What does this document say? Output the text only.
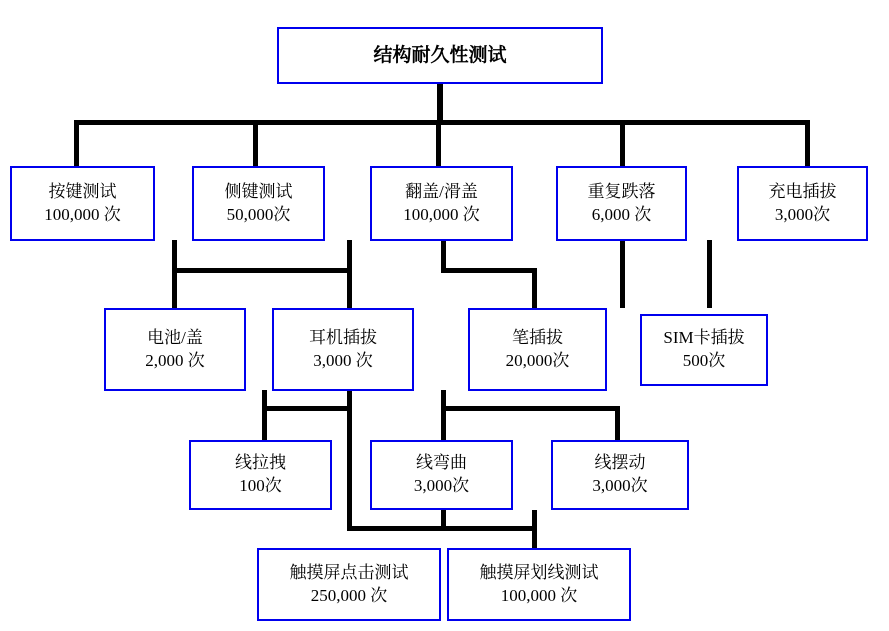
结构耐久性测试
按键测试
100,000 次
侧键测试
50,000次
翻盖/滑盖
100,000 次
重复跌落
6,000 次
充电插拔
3,000次
电池/盖
2,000 次
耳机插拔
3,000 次
笔插拔
20,000次
SIM卡插拔
500次
线拉拽
100次
线弯曲
3,000次
线摆动
3,000次
触摸屏点击测试
250,000 次
触摸屏划线测试
100,000 次
